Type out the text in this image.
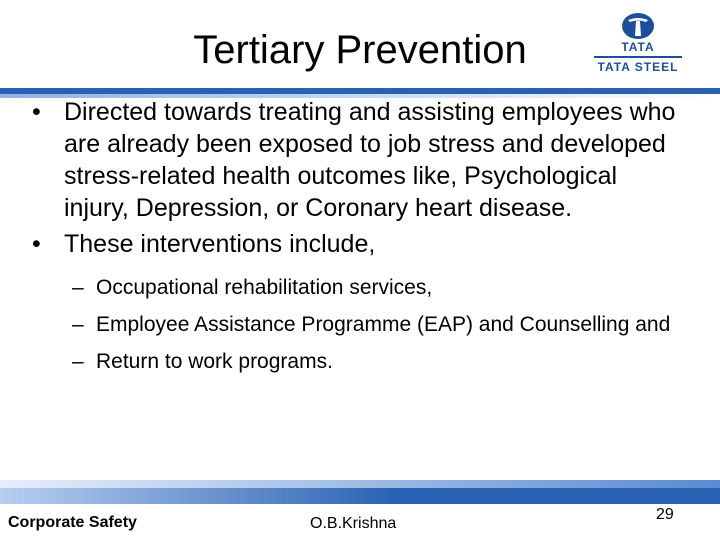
Tertiary Prevention	TATA
TATA STEEL
• Directed towards treating and assisting employees who are already been exposed to job stress and developed stress-related health outcomes like, Psychological injury, Depression, or Coronary heart disease.
• These interventions include,
– Occupational rehabilitation services,
– Employee Assistance Programme (EAP) and Counselling and
– Return to work programs.
Corporate Safety	O.B.Krishna
29
